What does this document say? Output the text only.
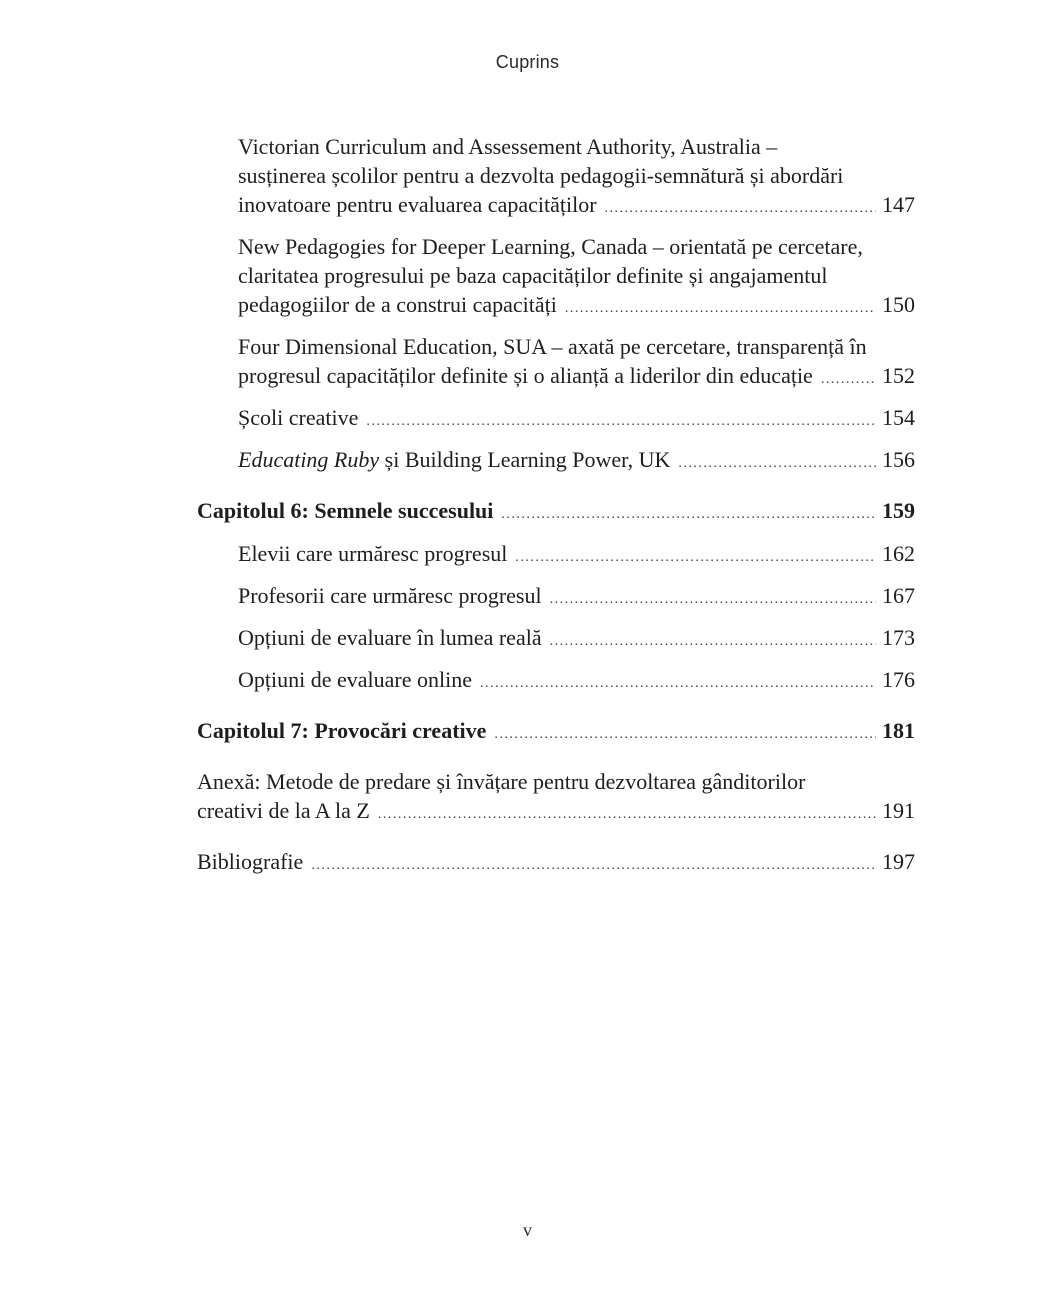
Cuprins
Victorian Curriculum and Assessement Authority, Australia –
susținerea școlilor pentru a dezvolta pedagogii-semnătură și abordări
inovatoare pentru evaluarea capacităților .....	147
New Pedagogies for Deeper Learning, Canada – orientată pe cercetare,
claritatea progresului pe baza capacităților definite și angajamentul
pedagogiilor de a construi capacități .....	150
Four Dimensional Education, SUA – axată pe cercetare, transparență în
progresul capacităților definite și o alianță a liderilor din educație .....	152
Școli creative .....	154
Educating Ruby și Building Learning Power, UK .....	156
Capitolul 6: Semnele succesului .....	159
Elevii care urmăresc progresul .....	162
Profesorii care urmăresc progresul .....	167
Opțiuni de evaluare în lumea reală .....	173
Opțiuni de evaluare online .....	176
Capitolul 7: Provocări creative .....	181
Anexă: Metode de predare și învățare pentru dezvoltarea gânditorilor
creativi de la A la Z .....	191
Bibliografie .....	197
v
